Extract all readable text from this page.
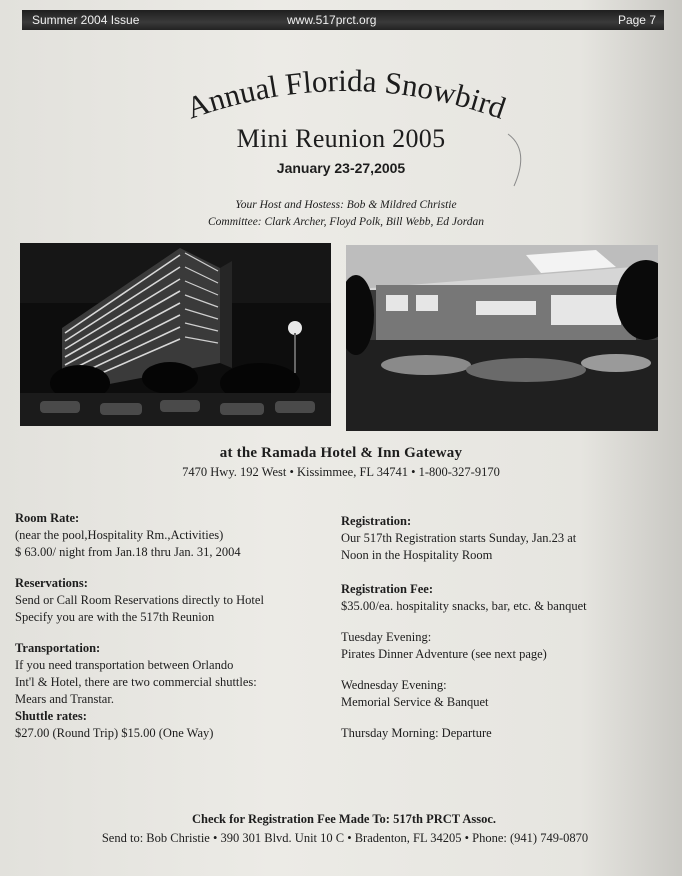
Summer 2004 Issue	www.517prct.org	Page 7
Annual Florida Snowbird
Mini Reunion 2005
January 23-27,2005
Your Host and Hostess: Bob & Mildred Christie
Committee: Clark Archer, Floyd Polk, Bill Webb, Ed Jordan
at the Ramada Hotel & Inn Gateway
7470 Hwy. 192 West • Kissimmee, FL 34741 • 1-800-327-9170
Room Rate:
(near the pool,Hospitality Rm.,Activities)
$ 63.00/ night from Jan.18 thru Jan. 31, 2004
Reservations:
Send or Call Room Reservations directly to Hotel
Specify you are with the 517th Reunion
Transportation:
If you need transportation between Orlando
Int'l & Hotel, there are two commercial shuttles:
Mears and Transtar.
Shuttle rates:
$27.00 (Round Trip) $15.00 (One Way)
Registration:
Our 517th Registration starts Sunday, Jan.23 at
Noon in the Hospitality Room
Registration Fee:
$35.00/ea. hospitality snacks, bar, etc. & banquet
Tuesday Evening:
Pirates Dinner Adventure (see next page)
Wednesday Evening:
Memorial Service & Banquet
Thursday Morning: Departure
Check for Registration Fee Made To: 517th PRCT Assoc.
Send to: Bob Christie • 390 301 Blvd. Unit 10 C • Bradenton, FL 34205 • Phone: (941) 749-0870
